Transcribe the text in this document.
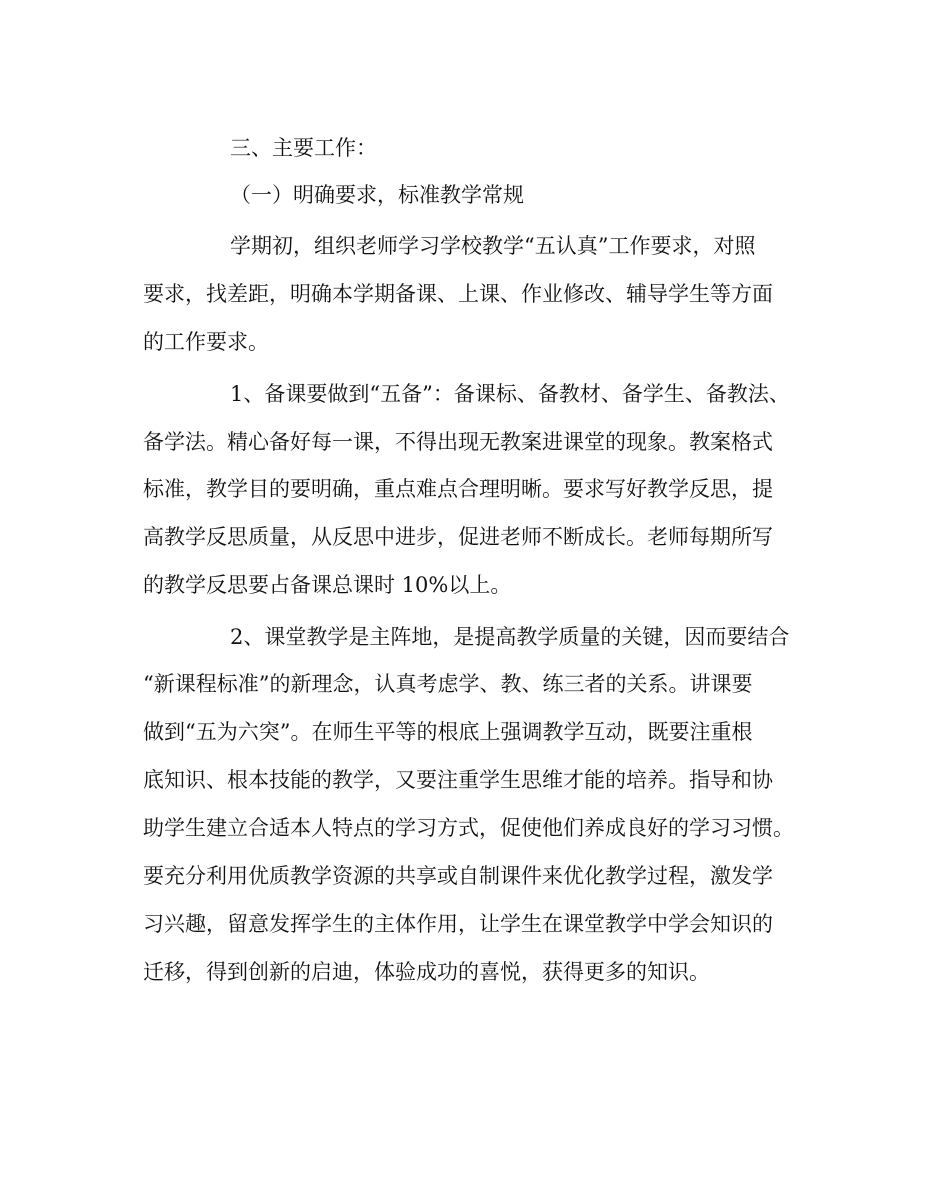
三、主要工作：
（一）明确要求，标准教学常规
学期初，组织老师学习学校教学“五认真”工作要求，对照
要求，找差距，明确本学期备课、上课、作业修改、辅导学生等方面
的工作要求。
1、备课要做到“五备”：备课标、备教材、备学生、备教法、
备学法。精心备好每一课，不得出现无教案进课堂的现象。教案格式
标准，教学目的要明确，重点难点合理明晰。要求写好教学反思，提
高教学反思质量，从反思中进步，促进老师不断成长。老师每期所写
的教学反思要占备课总课时 10%以上。
2、课堂教学是主阵地，是提高教学质量的关键，因而要结合
“新课程标准”的新理念，认真考虑学、教、练三者的关系。讲课要
做到“五为六突”。在师生平等的根底上强调教学互动，既要注重根
底知识、根本技能的教学，又要注重学生思维才能的培养。指导和协
助学生建立合适本人特点的学习方式，促使他们养成良好的学习习惯。
要充分利用优质教学资源的共享或自制课件来优化教学过程，激发学
习兴趣，留意发挥学生的主体作用，让学生在课堂教学中学会知识的
迁移，得到创新的启迪，体验成功的喜悦，获得更多的知识。
